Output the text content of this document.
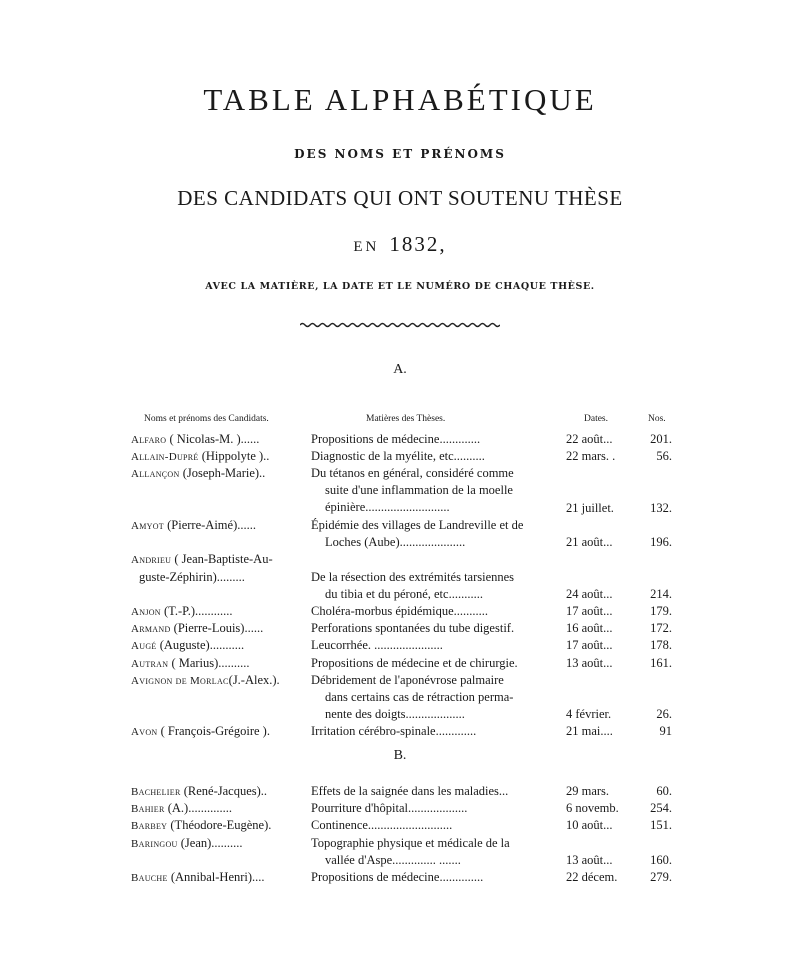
TABLE ALPHABÉTIQUE
DES NOMS ET PRÉNOMS
DES CANDIDATS QUI ONT SOUTENU THÈSE
EN 1832,
AVEC LA MATIÈRE, LA DATE ET LE NUMÉRO DE CHAQUE THÈSE.
A.
Noms et prénoms des Candidats.	Matières des Thèses.	Dates.	Nos.
B.
Alfaro ( Nicolas-M. )......	Propositions de médecine.............	22 août...	201.
Allain-Dupré (Hippolyte )..	Diagnostic de la myélite, etc..........	22 mars. .	56.
Allançon (Joseph-Marie)..	Du tétanos en général, considéré comme
suite d'une inflammation de la moelle
épinière...........................	21 juillet.	132.
Amyot (Pierre-Aimé)......	Épidémie des villages de Landreville et de
Loches (Aube).....................	21 août...	196.
Andrieu ( Jean-Baptiste-Au-
guste-Zéphirin).........	De la résection des extrémités tarsiennes
du tibia et du péroné, etc...........	24 août...	214.
Anjon (T.-P.)............	Choléra-morbus épidémique...........	17 août...	179.
Armand (Pierre-Louis)......	Perforations spontanées du tube digestif.	16 août...	172.
Augé (Auguste)...........	Leucorrhée. ......................	17 août...	178.
Autran ( Marius)..........	Propositions de médecine et de chirurgie.	13 août...	161.
Avignon de Morlac(J.-Alex.).	Débridement de l'aponévrose palmaire
dans certains cas de rétraction perma-
nente des doigts...................	4 février.	26.
Avon ( François-Grégoire ).	Irritation cérébro-spinale.............	21 mai....	91
Bachelier (René-Jacques)..	Effets de la saignée dans les maladies...	29 mars.	60.
Bahier (A.)..............	Pourriture d'hôpital...................	6 novemb.	254.
Barbey (Théodore-Eugène).	Continence...........................	10 août...	151.
Baringou (Jean)..........	Topographie physique et médicale de la
vallée d'Aspe.............. .......	13 août...	160.
Bauche (Annibal-Henri)....	Propositions de médecine..............	22 décem.	279.
